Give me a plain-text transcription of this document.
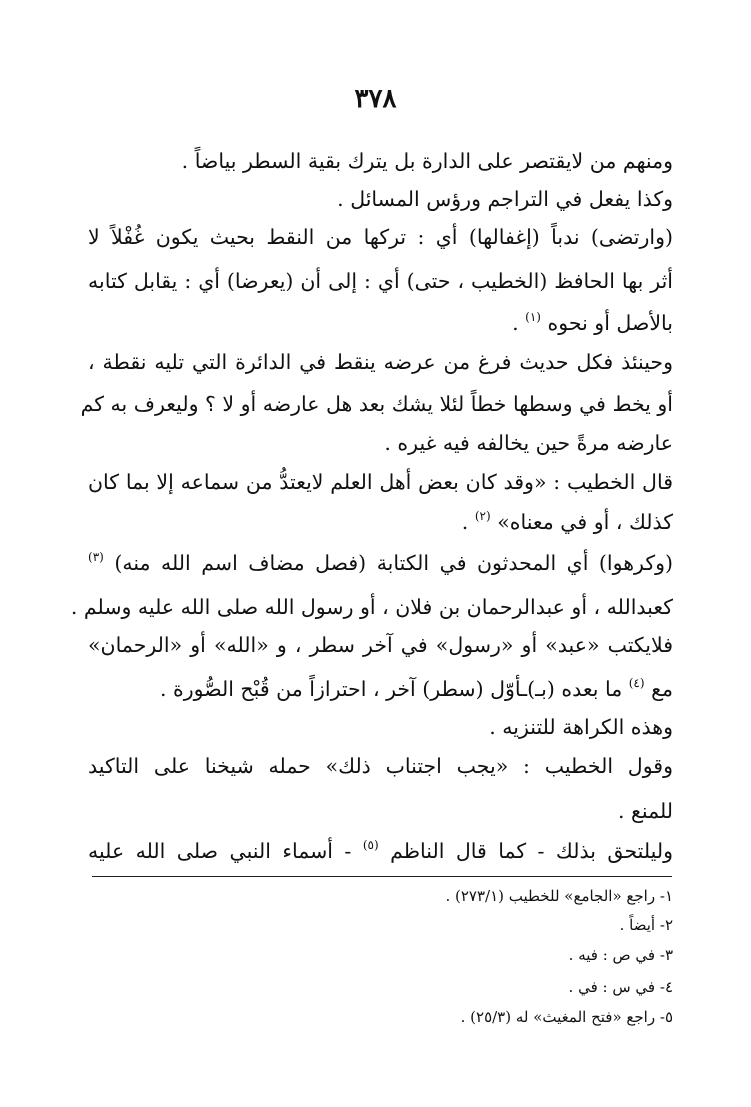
٣٧٨
ومنهم من لايقتصر على الدارة بل يترك بقية السطر بياضاً .
وكذا يفعل في التراجم ورؤس المسائل .
(وارتضى) ندباً (إغفالها) أي : تركها من النقط بحيث يكون غُفْلاً لا
أثر بها الحافظ (الخطيب ، حتى) أي : إلى أن (يعرضا) أي : يقابل كتابه
بالأصل أو نحوه $^{(١)}$ .
وحينئذ فكل حديث فرغ من عرضه ينقط في الدائرة التي تليه نقطة ،
أو يخط في وسطها خطاً لئلا يشك بعد هل عارضه أو لا ؟ وليعرف به كم
عارضه مرةً حين يخالفه فيه غيره .
قال الخطيب : «وقد كان بعض أهل العلم لايعتدُّ من سماعه إلا بما كان
كذلك ، أو في معناه» $^{(٢)}$ .
(وكرهوا) أي المحدثون في الكتابة (فصل مضاف اسم الله منه) $^{(٣)}$
كعبدالله ، أو عبدالرحمان بن فلان ، أو رسول الله صلى الله عليه وسلم .
فلايكتب «عبد» أو «رسول» في آخر سطر ، و «الله» أو «الرحمان»
مع $^{(٤)}$ ما بعده (بـ)ـأوّل (سطر) آخر ، احترازاً من قُبْح الصُّورة .
وهذه الكراهة للتنزيه .
وقول الخطيب : «يجب اجتناب ذلك» حمله شيخنا على التاكيد
للمنع .
وليلتحق بذلك - كما قال الناظم $^{(٥)}$ - أسماء النبي صلى الله عليه
١- راجع «الجامع» للخطيب (٢٧٣/١) .
٢- أيضاً .
٣- في ص : فيه .
٤- في س : في .
٥- راجع «فتح المغيث» له (٢٥/٣) .
